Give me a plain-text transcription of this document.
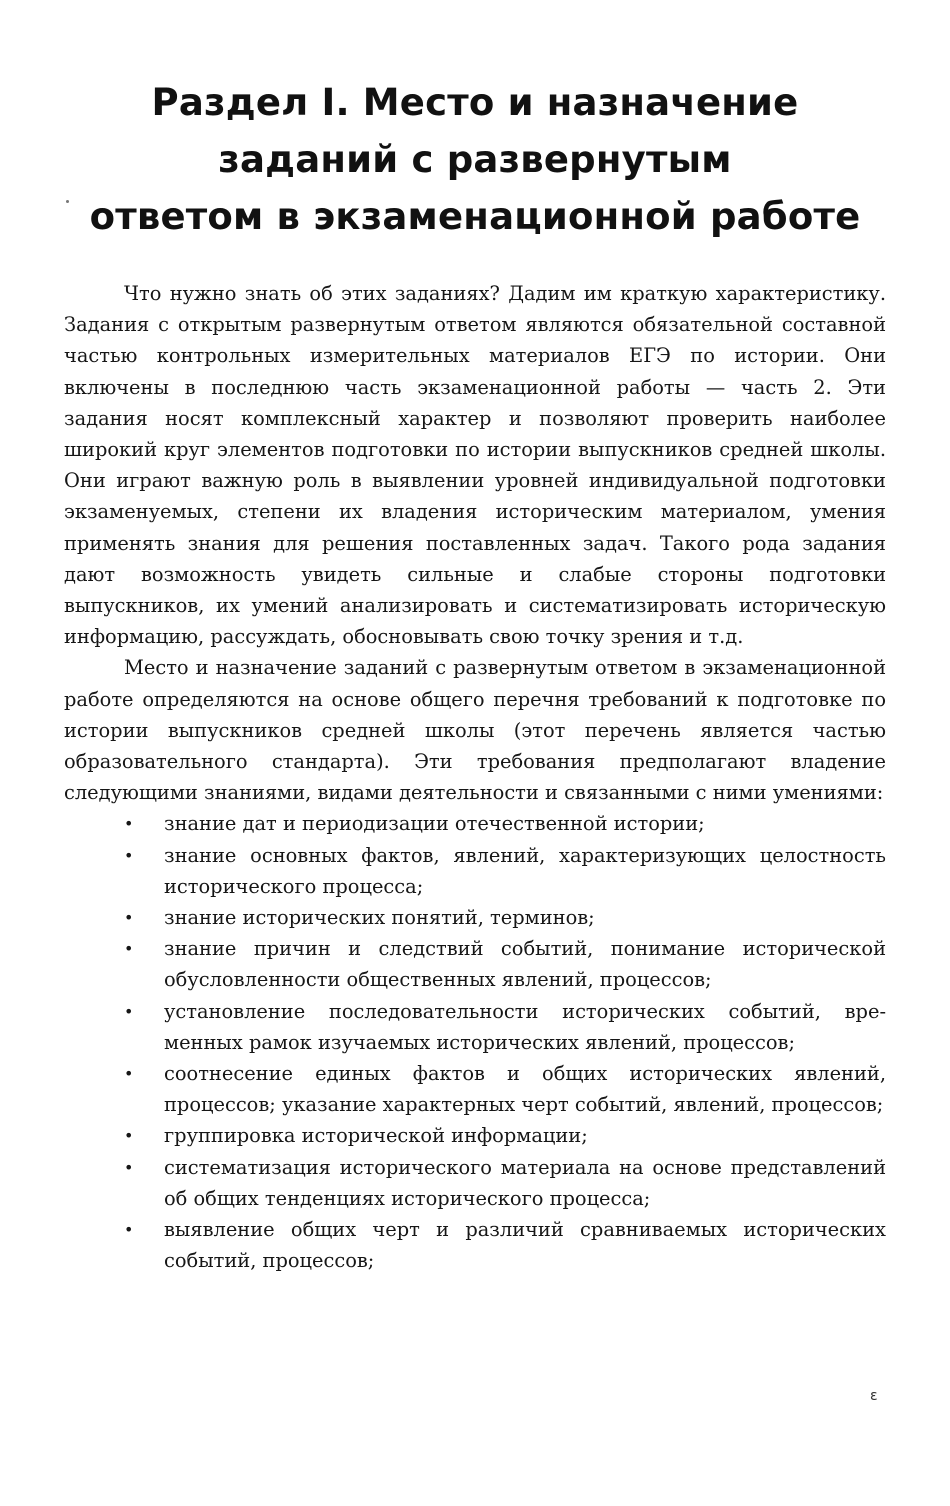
Раздел I. Место и назначение
заданий с развернутым
ответом в экзаменационной работе

Что нужно знать об этих заданиях? Дадим им краткую характеристику. Задания с открытым развернутым ответом являются обязательной составной частью контрольных измерительных материалов ЕГЭ по истории. Они включены в последнюю часть экзаменационной работы — часть 2. Эти задания носят комплексный характер и позволяют проверить наиболее широкий круг элементов подготовки по истории выпускников средней школы. Они играют важную роль в выявлении уровней индивидуальной подготовки экзаменуемых, степени их владения историческим материалом, умения применять знания для решения поставленных задач. Такого рода задания дают возможность увидеть сильные и слабые стороны подготовки выпускников, их умений анализировать и систематизировать историческую информацию, рассуждать, обосновывать свою точку зрения и т.д.

Место и назначение заданий с развернутым ответом в экзаменационной работе определяются на основе общего перечня требований к подготовке по истории выпускников средней школы (этот перечень является частью образовательного стандарта). Эти требования предполагают владение следующими знаниями, видами деятельности и связанными с ними умениями:

• знание дат и периодизации отечественной истории;
• знание основных фактов, явлений, характеризующих целостность исторического процесса;
• знание исторических понятий, терминов;
• знание причин и следствий событий, понимание исторической обусловленности общественных явлений, процессов;
• установление последовательности исторических событий, временных рамок изучаемых исторических явлений, процессов;
• соотнесение единых фактов и общих исторических явлений, процессов; указание характерных черт событий, явлений, процессов;
• группировка исторической информации;
• систематизация исторического материала на основе представлений об общих тенденциях исторического процесса;
• выявление общих черт и различий сравниваемых исторических событий, процессов;
ε
